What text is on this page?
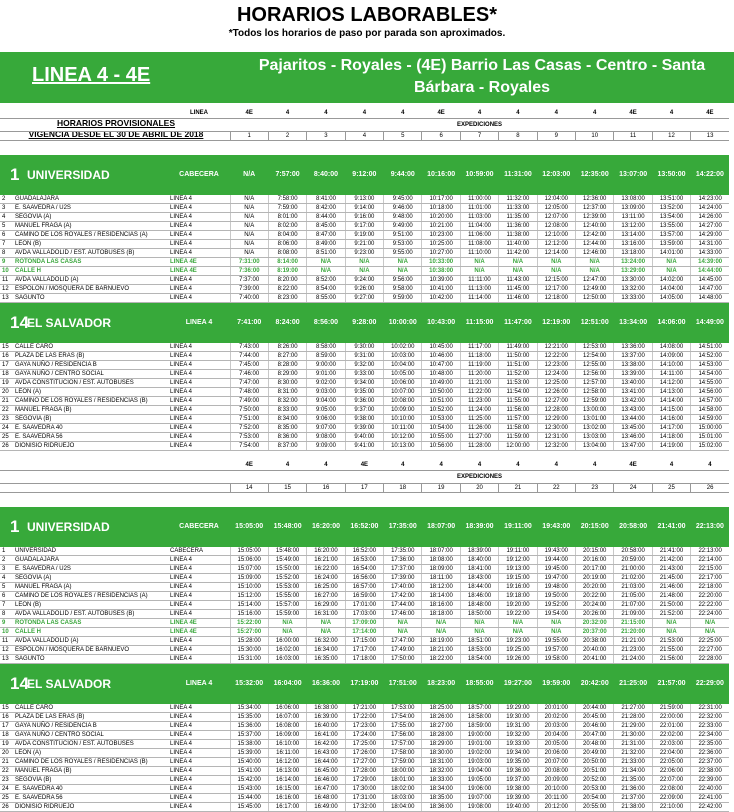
HORARIOS LABORABLES*
*Todos los horarios de paso por parada son aproximados.
LINEA 4 - 4E	Pajaritos - Royales - (4E) Barrio Las Casas - Centro - Santa Bárbara - Royales
HORARIOS PROVISIONALES
VIGENCIA DESDE EL 30 DE ABRIL DE 2018
		LINEA	4E	4	4	4	4	4E	4	4	4	4	4E	4	4E
			EXPEDICIONES												
			1	2	3	4	5	6	7	8	9	10	11	12	13

1	UNIVERSIDAD	CABECERA	N/A	7:57:00	8:40:00	9:12:00	9:44:00	10:16:00	10:59:00	11:31:00	12:03:00	12:35:00	13:07:00	13:50:00	14:22:00
2	GUADALAJARA	LINEA 4	N/A	7:58:00	8:41:00	9:13:00	9:45:00	10:17:00	11:00:00	11:32:00	12:04:00	12:36:00	13:08:00	13:51:00	14:23:00
3	E. SAAVEDRA / U2S	LINEA 4	N/A	7:59:00	8:42:00	9:14:00	9:46:00	10:18:00	11:01:00	11:33:00	12:05:00	12:37:00	13:09:00	13:52:00	14:24:00
4	SEGOVIA (A)	LINEA 4	N/A	8:01:00	8:44:00	9:16:00	9:48:00	10:20:00	11:03:00	11:35:00	12:07:00	12:39:00	13:11:00	13:54:00	14:26:00
5	MANUEL FRAGA (A)	LINEA 4	N/A	8:02:00	8:45:00	9:17:00	9:49:00	10:21:00	11:04:00	11:36:00	12:08:00	12:40:00	13:12:00	13:55:00	14:27:00
6	CAMINO DE LOS ROYALES / RESIDENCIAS (A)	LINEA 4	N/A	8:04:00	8:47:00	9:19:00	9:51:00	10:23:00	11:06:00	11:38:00	12:10:00	12:42:00	13:14:00	13:57:00	14:29:00
7	LEON (B)	LINEA 4	N/A	8:06:00	8:49:00	9:21:00	9:53:00	10:25:00	11:08:00	11:40:00	12:12:00	12:44:00	13:16:00	13:59:00	14:31:00
8	AVDA VALLADOLID / EST. AUTOBUSES (B)	LINEA 4	N/A	8:08:00	8:51:00	9:23:00	9:55:00	10:27:00	11:10:00	11:42:00	12:14:00	12:46:00	13:18:00	14:01:00	14:33:00
9	ROTONDA LAS CASAS	LINEA 4E	7:31:00	8:14:00	N/A	N/A	N/A	10:33:00	N/A	N/A	N/A	N/A	13:24:00	N/A	14:39:00
10	CALLE H	LINEA 4E	7:36:00	8:19:00	N/A	N/A	N/A	10:38:00	N/A	N/A	N/A	N/A	13:29:00	N/A	14:44:00
11	AVDA VALLADOLID (A)	LINEA 4	7:37:00	8:20:00	8:52:00	9:24:00	9:56:00	10:39:00	11:11:00	11:43:00	12:15:00	12:47:00	13:30:00	14:02:00	14:45:00
12	ESPOLON / MOSQUERA DE BARNUEVO	LINEA 4	7:39:00	8:22:00	8:54:00	9:26:00	9:58:00	10:41:00	11:13:00	11:45:00	12:17:00	12:49:00	13:32:00	14:04:00	14:47:00
13	SAGUNTO	LINEA 4	7:40:00	8:23:00	8:55:00	9:27:00	9:59:00	10:42:00	11:14:00	11:46:00	12:18:00	12:50:00	13:33:00	14:05:00	14:48:00
14	EL SALVADOR	LINEA 4	7:41:00	8:24:00	8:56:00	9:28:00	10:00:00	10:43:00	11:15:00	11:47:00	12:19:00	12:51:00	13:34:00	14:06:00	14:49:00
15	CALLE CARO	LINEA 4	7:43:00	8:26:00	8:58:00	9:30:00	10:02:00	10:45:00	11:17:00	11:49:00	12:21:00	12:53:00	13:36:00	14:08:00	14:51:00
16	PLAZA DE LAS ERAS (B)	LINEA 4	7:44:00	8:27:00	8:59:00	9:31:00	10:03:00	10:46:00	11:18:00	11:50:00	12:22:00	12:54:00	13:37:00	14:09:00	14:52:00
17	GAYA NUÑO / RESIDENCIA B	LINEA 4	7:45:00	8:28:00	9:00:00	9:32:00	10:04:00	10:47:00	11:19:00	11:51:00	12:23:00	12:55:00	13:38:00	14:10:00	14:53:00
18	GAYA NUÑO / CENTRO SOCIAL	LINEA 4	7:46:00	8:29:00	9:01:00	9:33:00	10:05:00	10:48:00	11:20:00	11:52:00	12:24:00	12:56:00	13:39:00	14:11:00	14:54:00
19	AVDA CONSTITUCION / EST. AUTOBUSES	LINEA 4	7:47:00	8:30:00	9:02:00	9:34:00	10:06:00	10:49:00	11:21:00	11:53:00	12:25:00	12:57:00	13:40:00	14:12:00	14:55:00
20	LEON (A)	LINEA 4	7:48:00	8:31:00	9:03:00	9:35:00	10:07:00	10:50:00	11:22:00	11:54:00	12:26:00	12:58:00	13:41:00	14:13:00	14:56:00
21	CAMINO DE LOS ROYALES / RESIDENCIAS (B)	LINEA 4	7:49:00	8:32:00	9:04:00	9:36:00	10:08:00	10:51:00	11:23:00	11:55:00	12:27:00	12:59:00	13:42:00	14:14:00	14:57:00
22	MANUEL FRAGA (B)	LINEA 4	7:50:00	8:33:00	9:05:00	9:37:00	10:09:00	10:52:00	11:24:00	11:56:00	12:28:00	13:00:00	13:43:00	14:15:00	14:58:00
23	SEGOVIA (B)	LINEA 4	7:51:00	8:34:00	9:06:00	9:38:00	10:10:00	10:53:00	11:25:00	11:57:00	12:29:00	13:01:00	13:44:00	14:16:00	14:59:00
24	E. SAAVEDRA 40	LINEA 4	7:52:00	8:35:00	9:07:00	9:39:00	10:11:00	10:54:00	11:26:00	11:58:00	12:30:00	13:02:00	13:45:00	14:17:00	15:00:00
25	E. SAAVEDRA 56	LINEA 4	7:53:00	8:36:00	9:08:00	9:40:00	10:12:00	10:55:00	11:27:00	11:59:00	12:31:00	13:03:00	13:46:00	14:18:00	15:01:00
26	DIONISIO RIDRUEJO	LINEA 4	7:54:00	8:37:00	9:09:00	9:41:00	10:13:00	10:56:00	11:28:00	12:00:00	12:32:00	13:04:00	13:47:00	14:19:00	15:02:00
			4E	4	4	4E	4	4	4	4	4	4	4E	4	4
			EXPEDICIONES												
			14	15	16	17	18	19	20	21	22	23	24	25	26

1	UNIVERSIDAD	CABECERA	15:05:00	15:48:00	16:20:00	16:52:00	17:35:00	18:07:00	18:39:00	19:11:00	19:43:00	20:15:00	20:58:00	21:41:00	22:13:00
1	UNIVERSIDAD	CABECERA	15:05:00	15:48:00	16:20:00	16:52:00	17:35:00	18:07:00	18:39:00	19:11:00	19:43:00	20:15:00	20:58:00	21:41:00	22:13:00
2	GUADALAJARA	LINEA 4	15:06:00	15:49:00	16:21:00	16:53:00	17:36:00	18:08:00	18:40:00	19:12:00	19:44:00	20:16:00	20:59:00	21:42:00	22:14:00
3	E. SAAVEDRA / U2S	LINEA 4	15:07:00	15:50:00	16:22:00	16:54:00	17:37:00	18:09:00	18:41:00	19:13:00	19:45:00	20:17:00	21:00:00	21:43:00	22:15:00
4	SEGOVIA (A)	LINEA 4	15:09:00	15:52:00	16:24:00	16:56:00	17:39:00	18:11:00	18:43:00	19:15:00	19:47:00	20:19:00	21:02:00	21:45:00	22:17:00
5	MANUEL FRAGA (A)	LINEA 4	15:10:00	15:53:00	16:25:00	16:57:00	17:40:00	18:12:00	18:44:00	19:16:00	19:48:00	20:20:00	21:03:00	21:46:00	22:18:00
6	CAMINO DE LOS ROYALES / RESIDENCIAS (A)	LINEA 4	15:12:00	15:55:00	16:27:00	16:59:00	17:42:00	18:14:00	18:46:00	19:18:00	19:50:00	20:22:00	21:05:00	21:48:00	22:20:00
7	LEON (B)	LINEA 4	15:14:00	15:57:00	16:29:00	17:01:00	17:44:00	18:16:00	18:48:00	19:20:00	19:52:00	20:24:00	21:07:00	21:50:00	22:22:00
8	AVDA VALLADOLID / EST. AUTOBUSES (B)	LINEA 4	15:16:00	15:59:00	16:31:00	17:03:00	17:46:00	18:18:00	18:50:00	19:22:00	19:54:00	20:26:00	21:09:00	21:52:00	22:24:00
9	ROTONDA LAS CASAS	LINEA 4E	15:22:00	N/A	N/A	17:09:00	N/A	N/A	N/A	N/A	N/A	20:32:00	21:15:00	N/A	N/A
10	CALLE H	LINEA 4E	15:27:00	N/A	N/A	17:14:00	N/A	N/A	N/A	N/A	N/A	20:37:00	21:20:00	N/A	N/A
11	AVDA VALLADOLID (A)	LINEA 4	15:28:00	16:00:00	16:32:00	17:15:00	17:47:00	18:19:00	18:51:00	19:23:00	19:55:00	20:38:00	21:21:00	21:53:00	22:25:00
12	ESPOLON / MOSQUERA DE BARNUEVO	LINEA 4	15:30:00	16:02:00	16:34:00	17:17:00	17:49:00	18:21:00	18:53:00	19:25:00	19:57:00	20:40:00	21:23:00	21:55:00	22:27:00
13	SAGUNTO	LINEA 4	15:31:00	16:03:00	16:35:00	17:18:00	17:50:00	18:22:00	18:54:00	19:26:00	19:58:00	20:41:00	21:24:00	21:56:00	22:28:00
14	EL SALVADOR	LINEA 4	15:32:00	16:04:00	16:36:00	17:19:00	17:51:00	18:23:00	18:55:00	19:27:00	19:59:00	20:42:00	21:25:00	21:57:00	22:29:00
15	CALLE CARO	LINEA 4	15:34:00	16:06:00	16:38:00	17:21:00	17:53:00	18:25:00	18:57:00	19:29:00	20:01:00	20:44:00	21:27:00	21:59:00	22:31:00
16	PLAZA DE LAS ERAS (B)	LINEA 4	15:35:00	16:07:00	16:39:00	17:22:00	17:54:00	18:26:00	18:58:00	19:30:00	20:02:00	20:45:00	21:28:00	22:00:00	22:32:00
17	GAYA NUÑO / RESIDENCIA B	LINEA 4	15:36:00	16:08:00	16:40:00	17:23:00	17:55:00	18:27:00	18:59:00	19:31:00	20:03:00	20:46:00	21:29:00	22:01:00	22:33:00
18	GAYA NUÑO / CENTRO SOCIAL	LINEA 4	15:37:00	16:09:00	16:41:00	17:24:00	17:56:00	18:28:00	19:00:00	19:32:00	20:04:00	20:47:00	21:30:00	22:02:00	22:34:00
19	AVDA CONSTITUCION / EST. AUTOBUSES	LINEA 4	15:38:00	16:10:00	16:42:00	17:25:00	17:57:00	18:29:00	19:01:00	19:33:00	20:05:00	20:48:00	21:31:00	22:03:00	22:35:00
20	LEON (A)	LINEA 4	15:39:00	16:11:00	16:43:00	17:26:00	17:58:00	18:30:00	19:02:00	19:34:00	20:06:00	20:49:00	21:32:00	22:04:00	22:36:00
21	CAMINO DE LOS ROYALES / RESIDENCIAS (B)	LINEA 4	15:40:00	16:12:00	16:44:00	17:27:00	17:59:00	18:31:00	19:03:00	19:35:00	20:07:00	20:50:00	21:33:00	22:05:00	22:37:00
22	MANUEL FRAGA (B)	LINEA 4	15:41:00	16:13:00	16:45:00	17:28:00	18:00:00	18:32:00	19:04:00	19:36:00	20:08:00	20:51:00	21:34:00	22:06:00	22:38:00
23	SEGOVIA (B)	LINEA 4	15:42:00	16:14:00	16:46:00	17:29:00	18:01:00	18:33:00	19:05:00	19:37:00	20:09:00	20:52:00	21:35:00	22:07:00	22:39:00
24	E. SAAVEDRA 40	LINEA 4	15:43:00	16:15:00	16:47:00	17:30:00	18:02:00	18:34:00	19:06:00	19:38:00	20:10:00	20:53:00	21:36:00	22:08:00	22:40:00
25	E. SAAVEDRA 56	LINEA 4	15:44:00	16:16:00	16:48:00	17:31:00	18:03:00	18:35:00	19:07:00	19:39:00	20:11:00	20:54:00	21:37:00	22:09:00	22:41:00
26	DIONISIO RIDRUEJO	LINEA 4	15:45:00	16:17:00	16:49:00	17:32:00	18:04:00	18:36:00	19:08:00	19:40:00	20:12:00	20:55:00	21:38:00	22:10:00	22:42:00
